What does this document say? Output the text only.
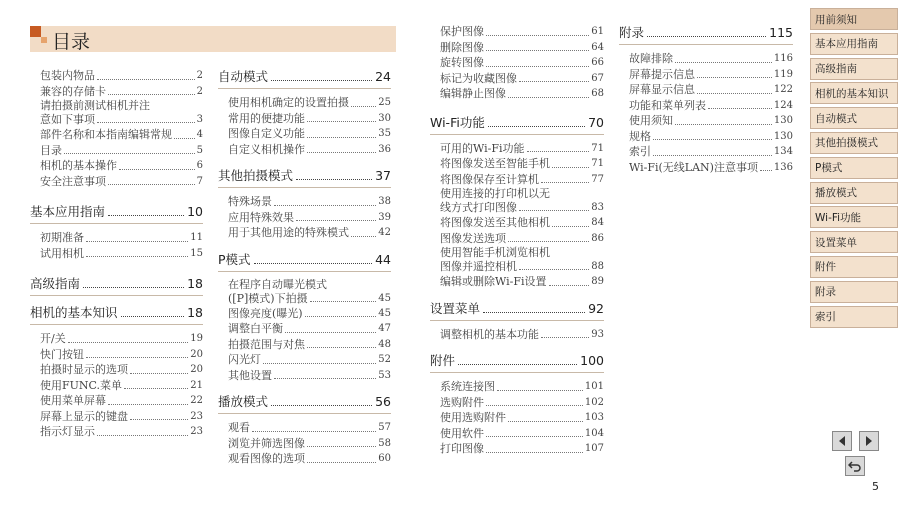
目录
包装内物品	2
兼容的存储卡	2
请拍摄前测试相机并注
意如下事项	3
部件名称和本指南编辑常规 4
目录	5
相机的基本操作	6
安全注意事项	7
基本应用指南	10
初期准备	11
试用相机	15
高级指南	18
相机的基本知识	18
开/关	19
快门按钮	20
拍摄时显示的选项	20
使用FUNC.菜单	21
使用菜单屏幕	22
屏幕上显示的键盘	23
指示灯显示	23
自动模式	24
使用相机确定的设置拍摄	25
常用的便捷功能	30
图像自定义功能	35
自定义相机操作	36
其他拍摄模式	37
特殊场景	38
应用特殊效果	39
用于其他用途的特殊模式	42
P模式	44
在程序自动曝光模式
([P]模式)下拍摄	45
图像亮度(曝光)	45
调整白平衡	47
拍摄范围与对焦	48
闪光灯	52
其他设置	53
播放模式	56
观看	57
浏览并筛选图像	58
观看图像的选项	60
保护图像	61
删除图像	64
旋转图像	66
标记为收藏图像	67
编辑静止图像	68
Wi-Fi功能	70
可用的Wi-Fi功能	71
将图像发送至智能手机	71
将图像保存至计算机	77
使用连接的打印机以无
线方式打印图像	83
将图像发送至其他相机	84
图像发送选项	86
使用智能手机浏览相机
图像并遥控相机	88
编辑或删除Wi-Fi设置	89
设置菜单	92
调整相机的基本功能	93
附件	100
系统连接图	101
选购附件	102
使用选购附件	103
使用软件	104
打印图像	107
附录	115
故障排除	116
屏幕提示信息	119
屏幕显示信息	122
功能和菜单列表	124
使用须知	130
规格	130
索引	134
Wi-Fi(无线LAN)注意事项 136
用前须知
基本应用指南
高级指南
相机的基本知识
自动模式
其他拍摄模式
P模式
播放模式
Wi-Fi功能
设置菜单
附件
附录
索引
5
